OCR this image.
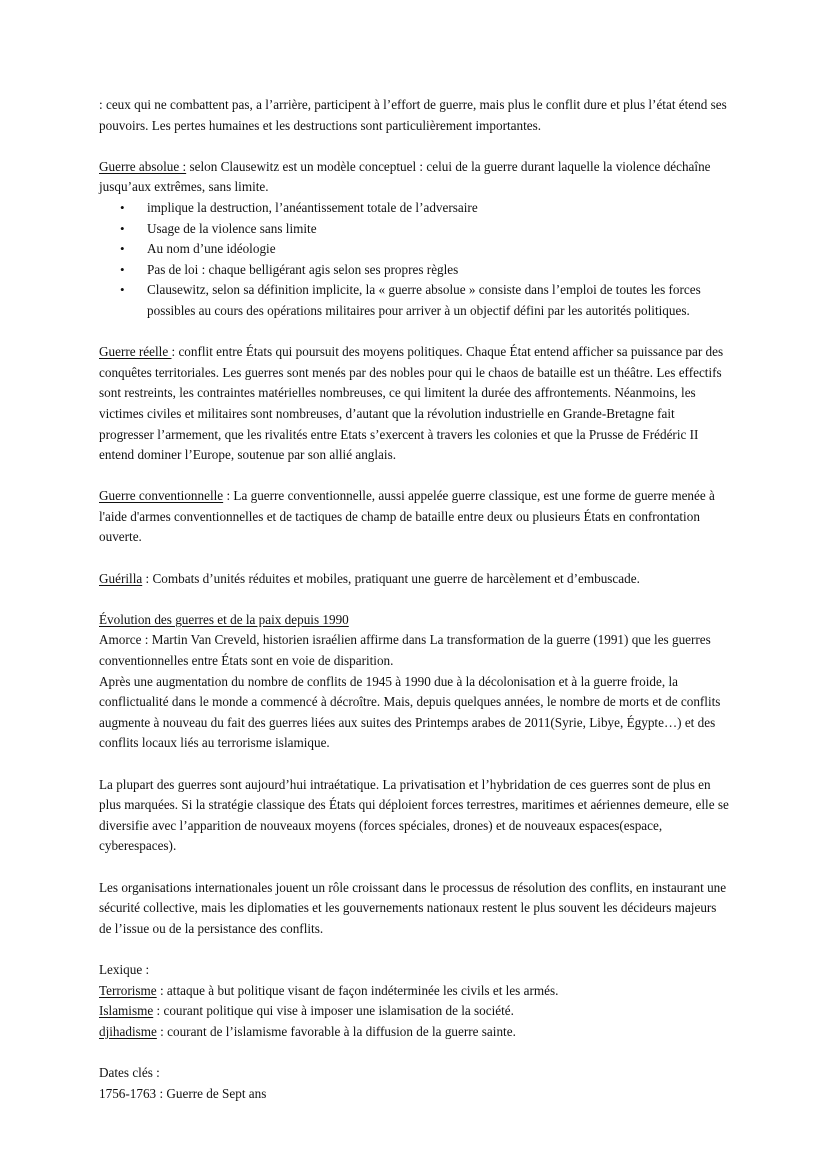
: ceux qui ne combattent pas, a l’arrière, participent à l’effort de guerre, mais plus le conflit dure et plus l’état étend ses pouvoirs. Les pertes humaines et les destructions sont particulièrement importantes.

Guerre absolue : selon Clausewitz est un modèle conceptuel : celui de la guerre durant laquelle la violence déchaîne jusqu’aux extrêmes, sans limite.

• implique la destruction, l’anéantissement totale de l’adversaire
• Usage de la violence sans limite
• Au nom d’une idéologie
• Pas de loi : chaque belligérant agis selon ses propres règles
• Clausewitz, selon sa définition implicite, la « guerre absolue » consiste dans l’emploi de toutes les forces possibles au cours des opérations militaires pour arriver à un objectif défini par les autorités politiques.

Guerre réelle : conflit entre États qui poursuit des moyens politiques. Chaque État entend afficher sa puissance par des conquêtes territoriales. Les guerres sont menés par des nobles pour qui le chaos de bataille est un théâtre. Les effectifs sont restreints, les contraintes matérielles nombreuses, ce qui limitent la durée des affrontements. Néanmoins, les victimes civiles et militaires sont nombreuses, d’autant que la révolution industrielle en Grande-Bretagne fait progresser l’armement, que les rivalités entre Etats s’exercent à travers les colonies et que la Prusse de Frédéric II entend dominer l’Europe, soutenue par son allié anglais.

Guerre conventionnelle : La guerre conventionnelle, aussi appelée guerre classique, est une forme de guerre menée à l'aide d'armes conventionnelles et de tactiques de champ de bataille entre deux ou plusieurs États en confrontation ouverte.

Guérilla : Combats d’unités réduites et mobiles, pratiquant une guerre de harcèlement et d’embuscade.

Évolution des guerres et de la paix depuis 1990

Amorce : Martin Van Creveld, historien israélien affirme dans La transformation de la guerre (1991) que les guerres conventionnelles entre États sont en voie de disparition.

Après une augmentation du nombre de conflits de 1945 à 1990 due à la décolonisation et à la guerre froide, la conflictualité dans le monde a commencé à décroître. Mais, depuis quelques années, le nombre de morts et de conflits augmente à nouveau du fait des guerres liées aux suites des Printemps arabes de 2011(Syrie, Libye, Égypte…) et des conflits locaux liés au terrorisme islamique.

La plupart des guerres sont aujourd’hui intraétatique. La privatisation et l’hybridation de ces guerres sont de plus en plus marquées. Si la stratégie classique des États qui déploient forces terrestres, maritimes et aériennes demeure, elle se diversifie avec l’apparition de nouveaux moyens (forces spéciales, drones) et de nouveaux espaces(espace, cyberespaces).

Les organisations internationales jouent un rôle croissant dans le processus de résolution des conflits, en instaurant une sécurité collective, mais les diplomaties et les gouvernements nationaux restent le plus souvent les décideurs majeurs de l’issue ou de la persistance des conflits.

Lexique :

Terrorisme : attaque à but politique visant de façon indéterminée les civils et les armés.

Islamisme : courant politique qui vise à imposer une islamisation de la société.

djihadisme : courant de l’islamisme favorable à la diffusion de la guerre sainte.

Dates clés :

1756-1763 : Guerre de Sept ans
